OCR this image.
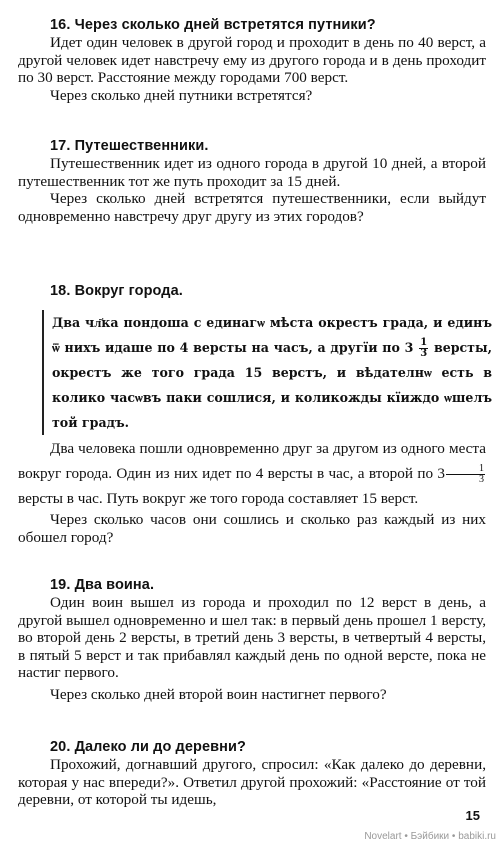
16. Через сколько дней встретятся путники?

Идет один человек в другой город и проходит в день по 40 верст, а другой человек идет навстречу ему из другого города и в день проходит по 30 верст. Расстояние между городами 700 верст.

Через сколько дней путники встретятся?

17. Путешественники.

Путешественник идет из одного города в другой 10 дней, а второй путешественник тот же путь проходит за 15 дней.

Через сколько дней встретятся путешественники, если выйдут одновременно навстречу друг другу из этих городов?

18. Вокруг города.

Два чл҃ка пондоша с единагѡ мѣста окрестъ града, и единъ ѿ нихъ идаше по 4 версты на часъ, а другїи по $3 \frac{1}{3}$ версты, окрестъ же того града 15 верстъ, и вѣдателнѡ есть в колико часѡвъ паки сошлися, и коликожды кїиждо ѡшелъ той градъ.

Два человека пошли одновременно друг за другом из одного места вокруг города. Один из них идет по 4 версты в час, а второй по $3 \frac{1}{3}$
версты в час. Путь вокруг же того города составляет 15 верст.

Через сколько часов они сошлись и сколько раз каждый из них обошел город?

19. Два воина.

Один воин вышел из города и проходил по 12 верст в день, а другой вышел одновременно и шел так: в первый день прошел 1 версту, во второй день 2 версты, в третий день 3 версты, в четвертый 4 версты, в пятый 5 верст и так прибавлял каждый день по одной версте, пока не настиг первого.

Через сколько дней второй воин настигнет первого?

20. Далеко ли до деревни?

Прохожий, догнавший другого, спросил: «Как далеко до деревни, которая у нас впереди?». Ответил другой прохожий: «Расстояние от той деревни, от которой ты идешь,

15
Novelart • Бэйбики • babiki.ru
